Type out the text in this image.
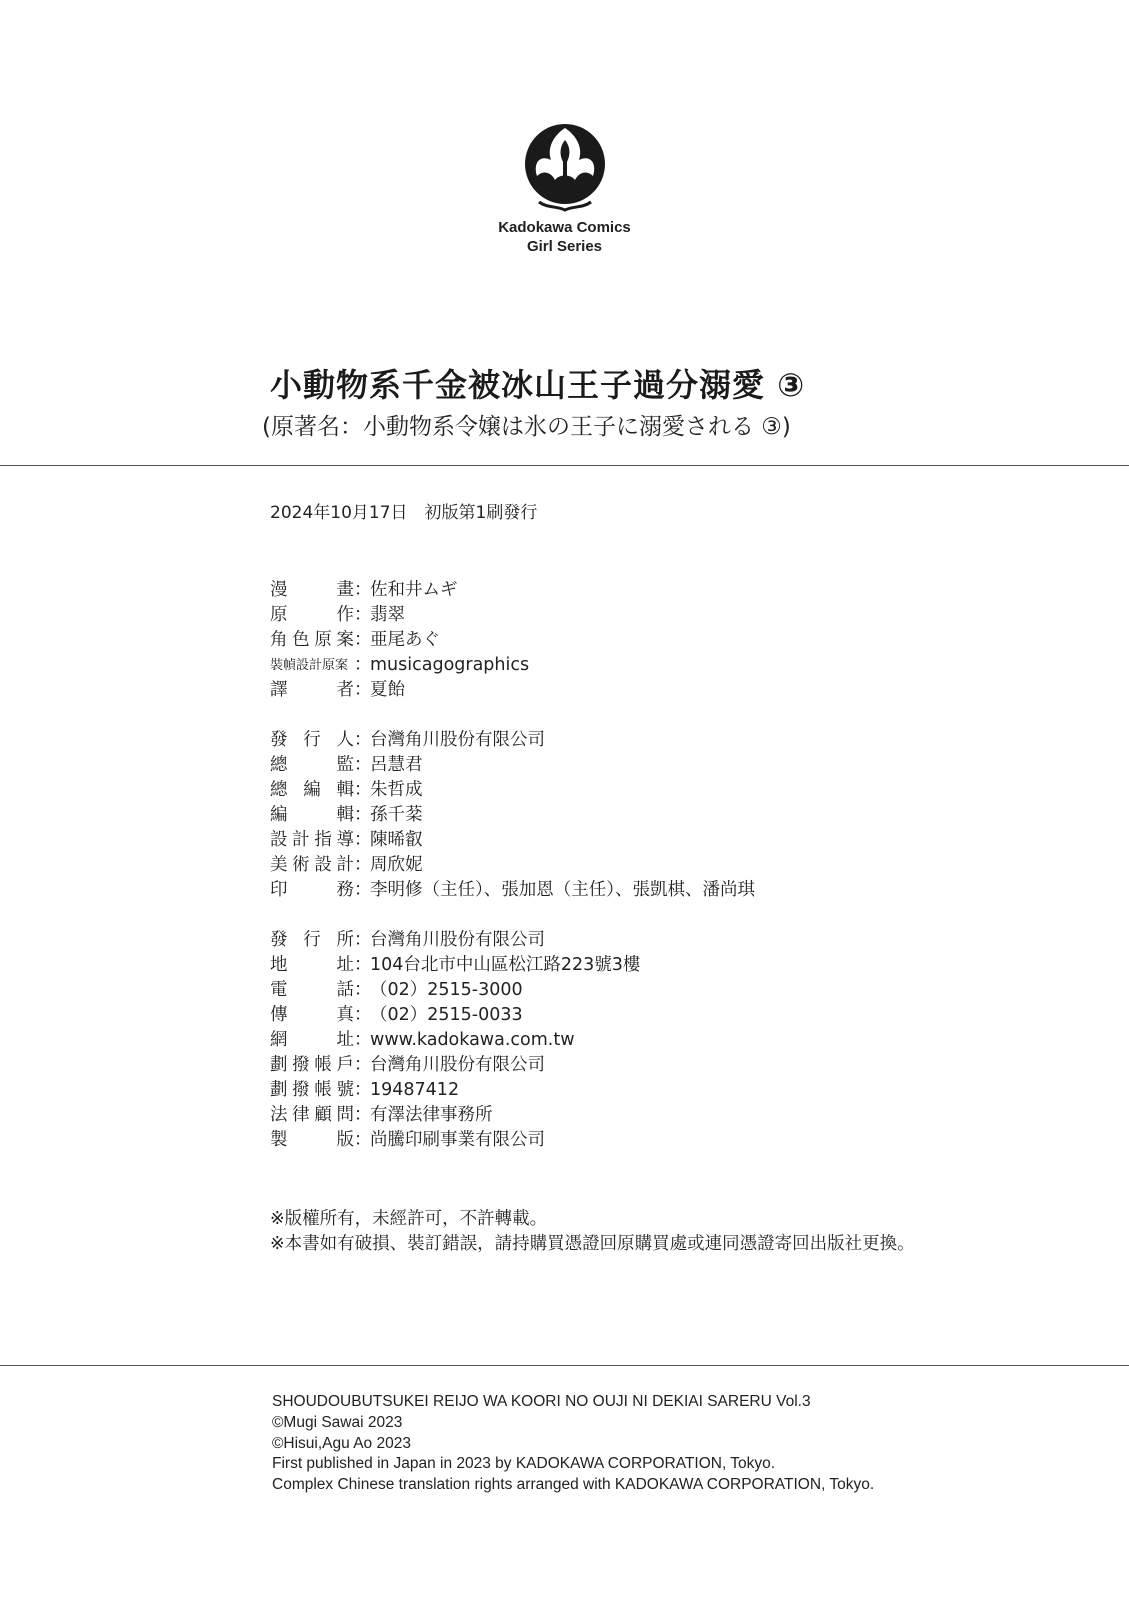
Kadokawa Comics
Girl Series
小動物系千金被冰山王子過分溺愛 ③
(原著名：小動物系令嬢は氷の王子に溺愛される ③)
2024年10月17日　初版第1刷發行
漫	畫 ：
佐和井ムギ
原	作 ：
翡翠
角 色 原 案 ：
亜尾あぐ
裝幀設計原案 ：
musicagographics
譯	者 ：
夏飴
發 行 人 ：
台灣角川股份有限公司
總	監 ：
呂慧君
總 編 輯 ：
朱哲成
編	輯 ：
孫千棻
設 計 指 導 ：
陳晞叡
美 術 設 計 ：
周欣妮
印	務 ：
李明修（主任）、張加恩（主任）、張凱棋、潘尚琪
發 行 所 ：
台灣角川股份有限公司
地	址 ：
104台北市中山區松江路223號3樓
電	話 ：
（02）2515-3000
傳	真 ：
（02）2515-0033
網	址 ：
www.kadokawa.com.tw
劃 撥 帳 戶 ：
台灣角川股份有限公司
劃 撥 帳 號 ：
19487412
法 律 顧 問 ：
有澤法律事務所
製	版 ：
尚騰印刷事業有限公司
※版權所有，未經許可，不許轉載。
※本書如有破損、裝訂錯誤，請持購買憑證回原購買處或連同憑證寄回出版社更換。
SHOUDOUBUTSUKEI REIJO WA KOORI NO OUJI NI DEKIAI SARERU Vol.3
©Mugi Sawai 2023
©Hisui,Agu Ao 2023
First published in Japan in 2023 by KADOKAWA CORPORATION, Tokyo.
Complex Chinese translation rights arranged with KADOKAWA CORPORATION, Tokyo.
